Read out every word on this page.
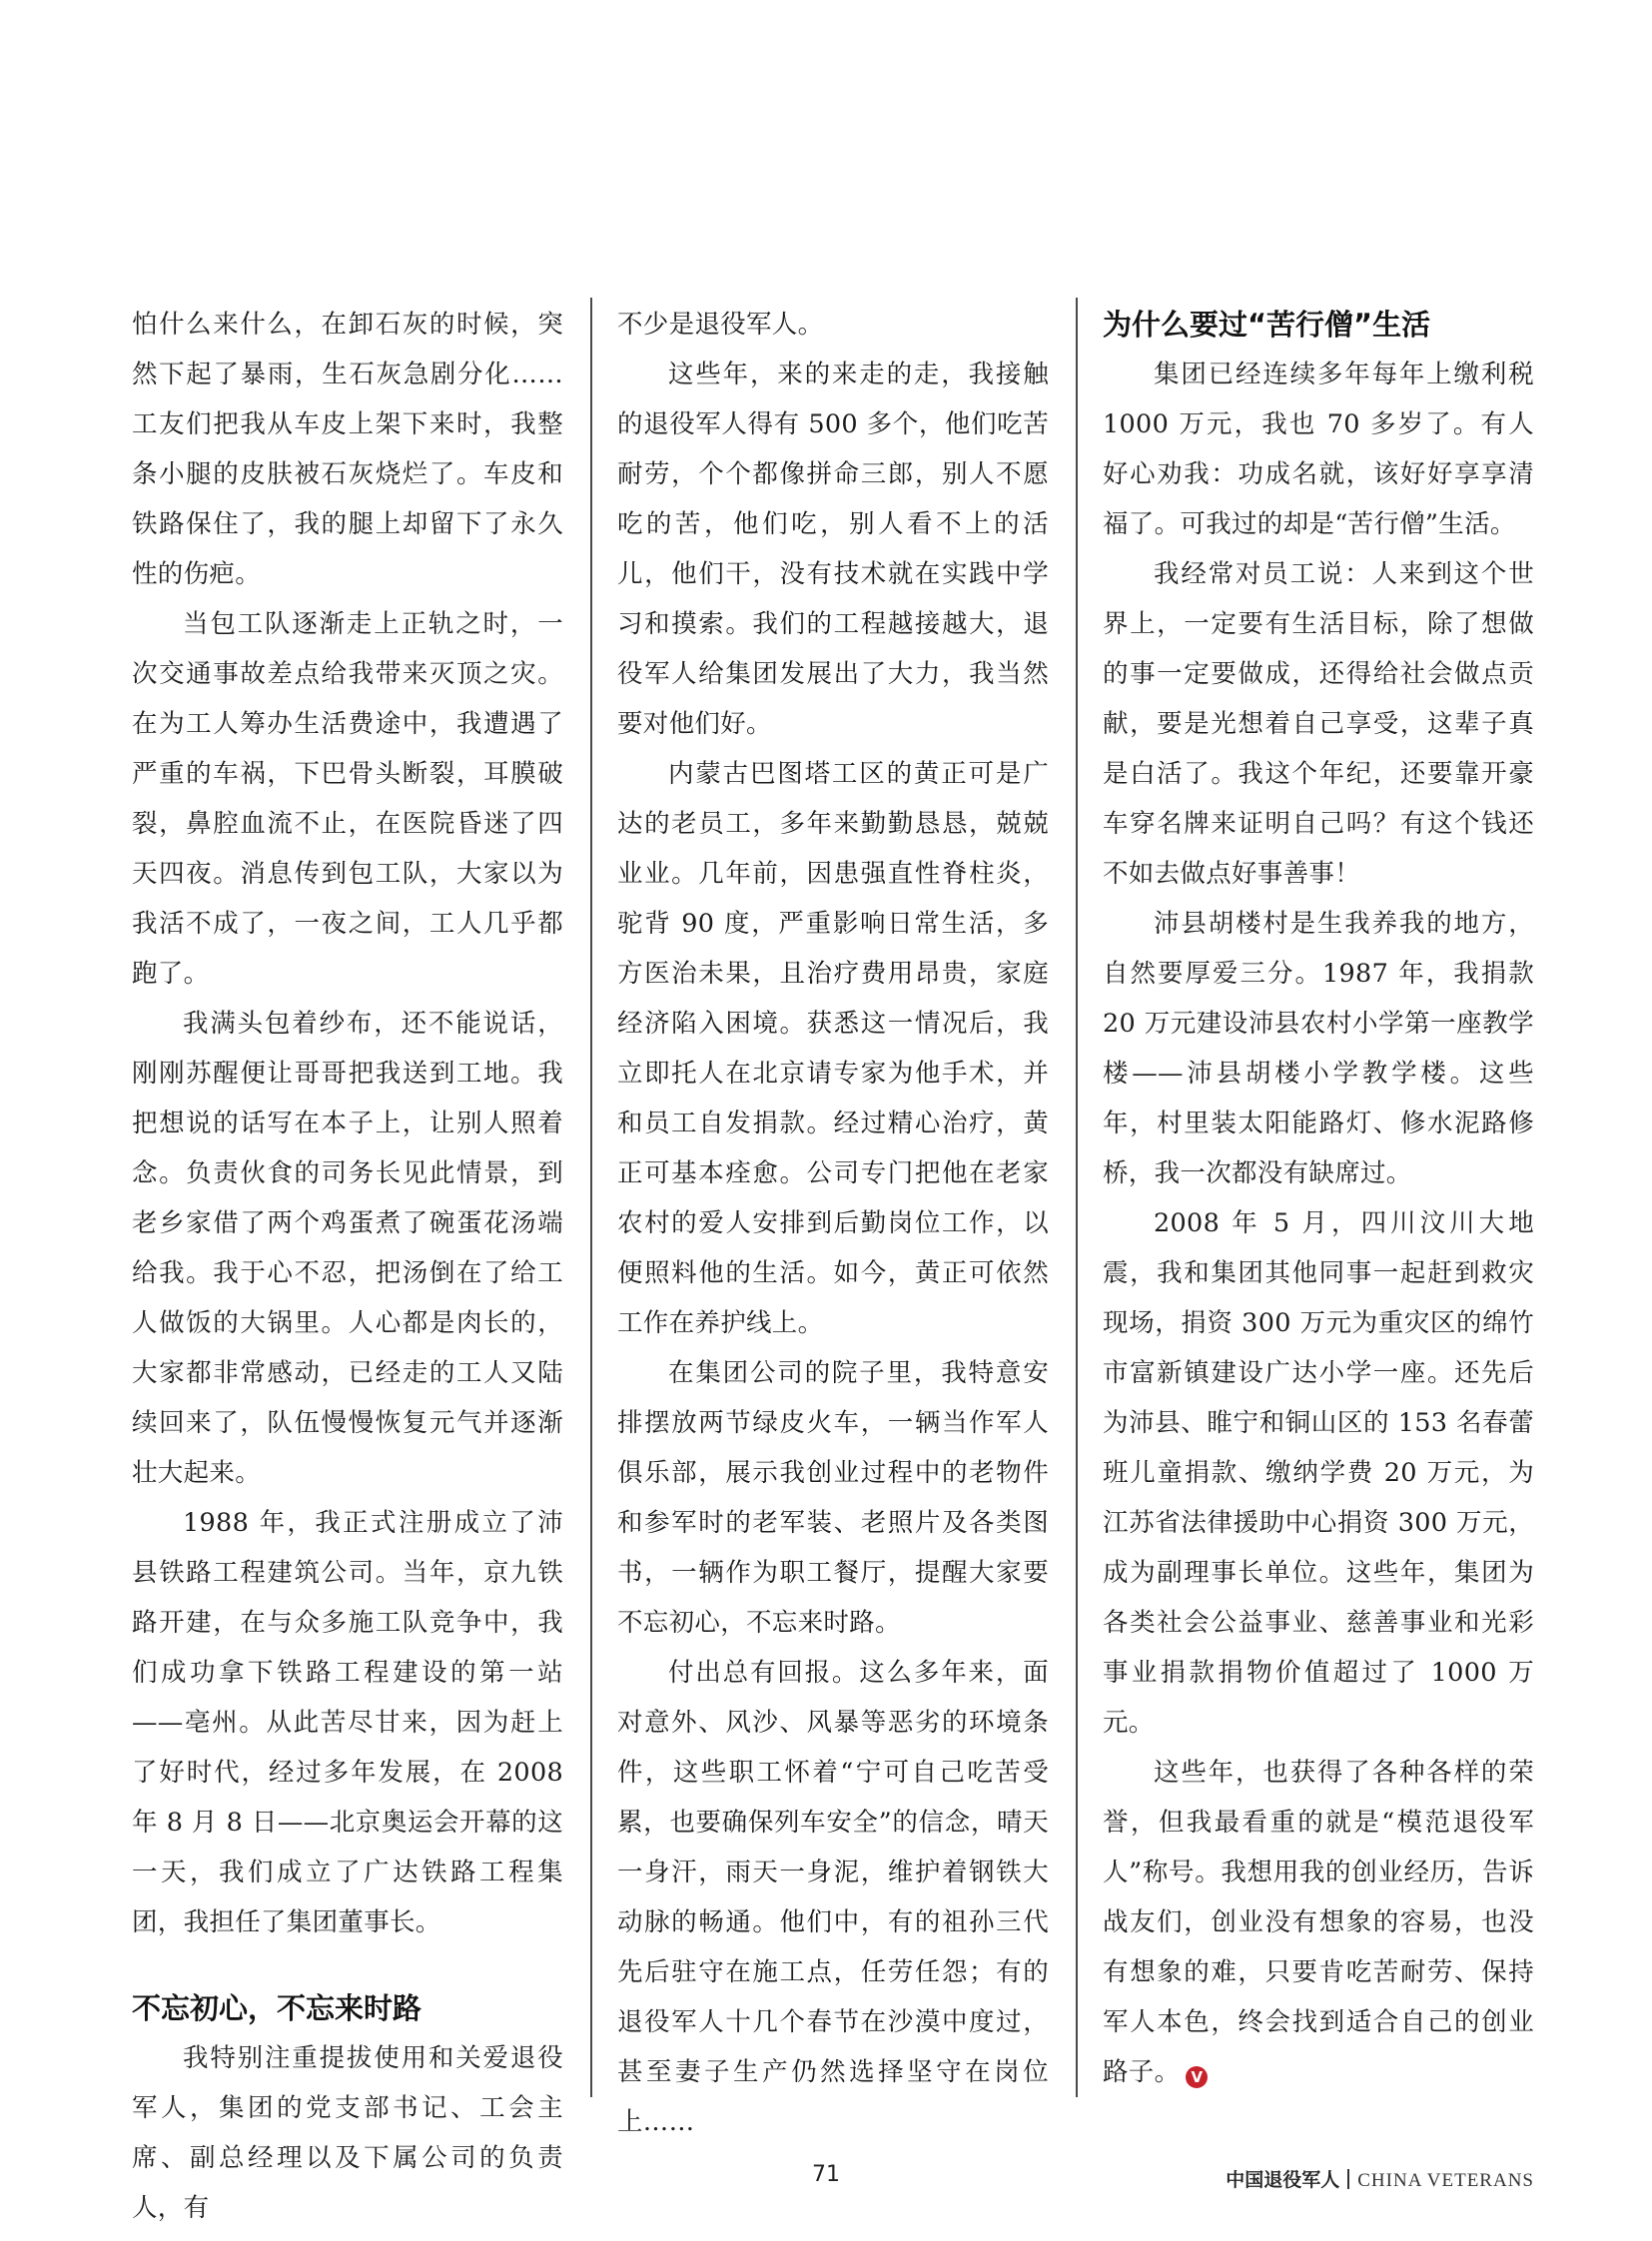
怕什么来什么，在卸石灰的时候，突然下起了暴雨，生石灰急剧分化……工友们把我从车皮上架下来时，我整条小腿的皮肤被石灰烧烂了。车皮和铁路保住了，我的腿上却留下了永久性的伤疤。

当包工队逐渐走上正轨之时，一次交通事故差点给我带来灭顶之灾。在为工人筹办生活费途中，我遭遇了严重的车祸，下巴骨头断裂，耳膜破裂，鼻腔血流不止，在医院昏迷了四天四夜。消息传到包工队，大家以为我活不成了，一夜之间，工人几乎都跑了。

我满头包着纱布，还不能说话，刚刚苏醒便让哥哥把我送到工地。我把想说的话写在本子上，让别人照着念。负责伙食的司务长见此情景，到老乡家借了两个鸡蛋煮了碗蛋花汤端给我。我于心不忍，把汤倒在了给工人做饭的大锅里。人心都是肉长的，大家都非常感动，已经走的工人又陆续回来了，队伍慢慢恢复元气并逐渐壮大起来。

1988 年，我正式注册成立了沛县铁路工程建筑公司。当年，京九铁路开建，在与众多施工队竞争中，我们成功拿下铁路工程建设的第一站——亳州。从此苦尽甘来，因为赶上了好时代，经过多年发展，在 2008 年 8 月 8 日——北京奥运会开幕的这一天，我们成立了广达铁路工程集团，我担任了集团董事长。

不忘初心，不忘来时路

我特别注重提拔使用和关爱退役军人，集团的党支部书记、工会主席、副总经理以及下属公司的负责人，有

不少是退役军人。

这些年，来的来走的走，我接触的退役军人得有 500 多个，他们吃苦耐劳，个个都像拼命三郎，别人不愿吃的苦，他们吃，别人看不上的活儿，他们干，没有技术就在实践中学习和摸索。我们的工程越接越大，退役军人给集团发展出了大力，我当然要对他们好。

内蒙古巴图塔工区的黄正可是广达的老员工，多年来勤勤恳恳，兢兢业业。几年前，因患强直性脊柱炎，驼背 90 度，严重影响日常生活，多方医治未果，且治疗费用昂贵，家庭经济陷入困境。获悉这一情况后，我立即托人在北京请专家为他手术，并和员工自发捐款。经过精心治疗，黄正可基本痊愈。公司专门把他在老家农村的爱人安排到后勤岗位工作，以便照料他的生活。如今，黄正可依然工作在养护线上。

在集团公司的院子里，我特意安排摆放两节绿皮火车，一辆当作军人俱乐部，展示我创业过程中的老物件和参军时的老军装、老照片及各类图书，一辆作为职工餐厅，提醒大家要不忘初心，不忘来时路。

付出总有回报。这么多年来，面对意外、风沙、风暴等恶劣的环境条件，这些职工怀着“宁可自己吃苦受累，也要确保列车安全”的信念，晴天一身汗，雨天一身泥，维护着钢铁大动脉的畅通。他们中，有的祖孙三代先后驻守在施工点，任劳任怨；有的退役军人十几个春节在沙漠中度过，甚至妻子生产仍然选择坚守在岗位上……

为什么要过“苦行僧”生活

集团已经连续多年每年上缴利税 1000 万元，我也 70 多岁了。有人好心劝我：功成名就，该好好享享清福了。可我过的却是“苦行僧”生活。

我经常对员工说：人来到这个世界上，一定要有生活目标，除了想做的事一定要做成，还得给社会做点贡献，要是光想着自己享受，这辈子真是白活了。我这个年纪，还要靠开豪车穿名牌来证明自己吗？有这个钱还不如去做点好事善事！

沛县胡楼村是生我养我的地方，自然要厚爱三分。1987 年，我捐款 20 万元建设沛县农村小学第一座教学楼——沛县胡楼小学教学楼。这些年，村里装太阳能路灯、修水泥路修桥，我一次都没有缺席过。

2008 年 5 月，四川汶川大地震，我和集团其他同事一起赶到救灾现场，捐资 300 万元为重灾区的绵竹市富新镇建设广达小学一座。还先后为沛县、睢宁和铜山区的 153 名春蕾班儿童捐款、缴纳学费 20 万元，为江苏省法律援助中心捐资 300 万元，成为副理事长单位。这些年，集团为各类社会公益事业、慈善事业和光彩事业捐款捐物价值超过了 1000 万元。

这些年，也获得了各种各样的荣誉，但我最看重的就是“模范退役军人”称号。我想用我的创业经历，告诉战友们，创业没有想象的容易，也没有想象的难，只要肯吃苦耐劳、保持军人本色，终会找到适合自己的创业路子。 V

71	中国退役军人 CHINA VETERANS
